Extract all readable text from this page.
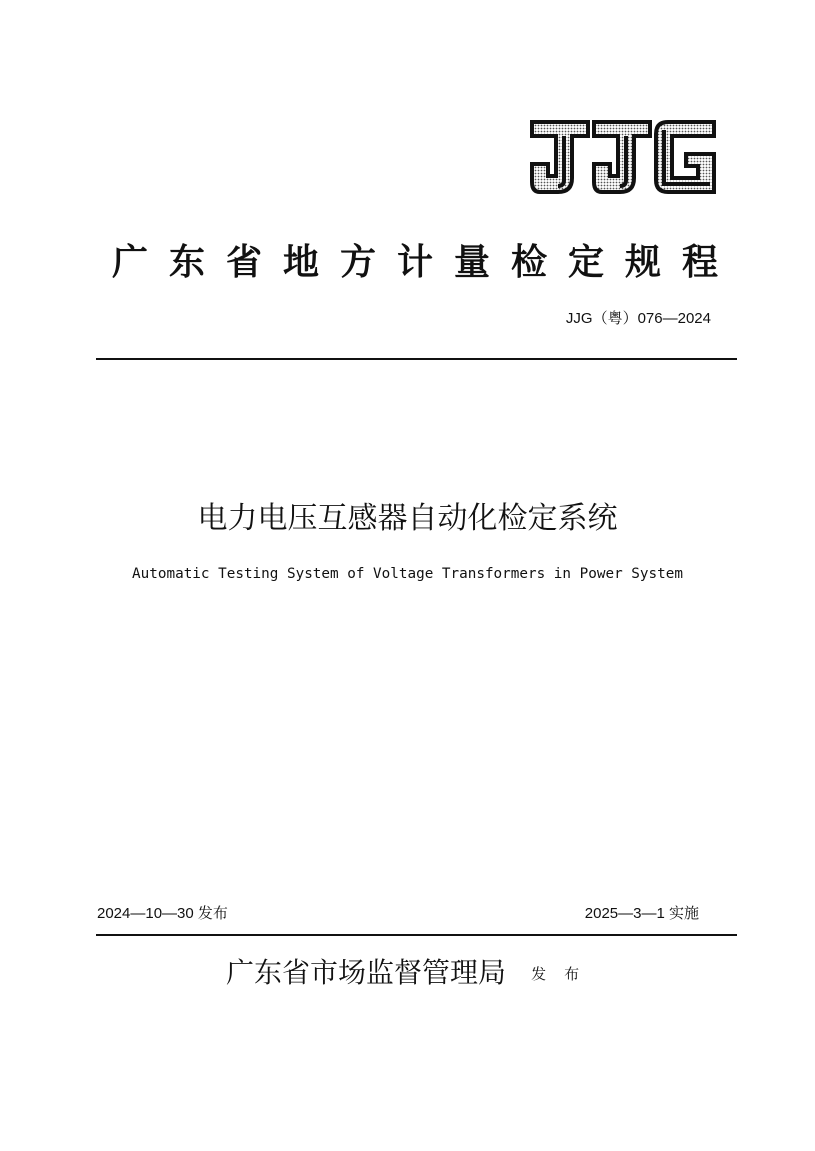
广东省地方计量检定规程
JJG（粤）076—2024
电力电压互感器自动化检定系统
Automatic Testing System of Voltage Transformers in Power System
2024—10—30 发布	2025—3—1 实施
广东省市场监督管理局 发布
